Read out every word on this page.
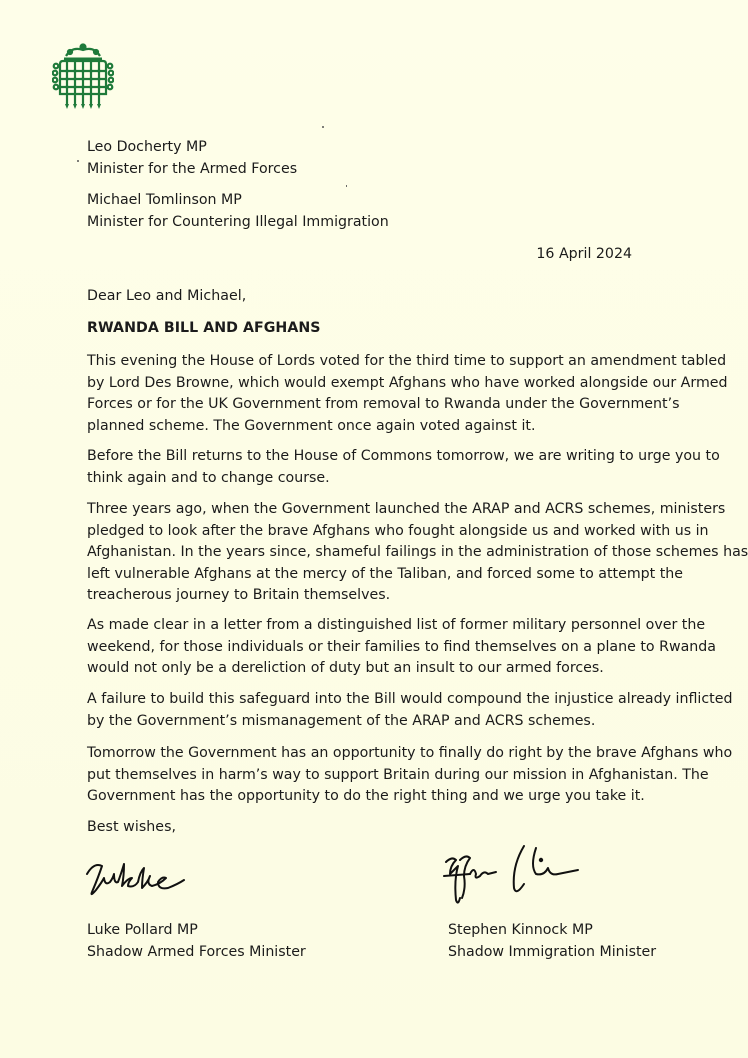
Leo Docherty MP
Minister for the Armed Forces
Michael Tomlinson MP
Minister for Countering Illegal Immigration
16 April 2024
Dear Leo and Michael,
RWANDA BILL AND AFGHANS
This evening the House of Lords voted for the third time to support an amendment tabled
by Lord Des Browne, which would exempt Afghans who have worked alongside our Armed
Forces or for the UK Government from removal to Rwanda under the Government’s
planned scheme. The Government once again voted against it.
Before the Bill returns to the House of Commons tomorrow, we are writing to urge you to
think again and to change course.
Three years ago, when the Government launched the ARAP and ACRS schemes, ministers
pledged to look after the brave Afghans who fought alongside us and worked with us in
Afghanistan. In the years since, shameful failings in the administration of those schemes has
left vulnerable Afghans at the mercy of the Taliban, and forced some to attempt the
treacherous journey to Britain themselves.
As made clear in a letter from a distinguished list of former military personnel over the
weekend, for those individuals or their families to find themselves on a plane to Rwanda
would not only be a dereliction of duty but an insult to our armed forces.
A failure to build this safeguard into the Bill would compound the injustice already inflicted
by the Government’s mismanagement of the ARAP and ACRS schemes.
Tomorrow the Government has an opportunity to finally do right by the brave Afghans who
put themselves in harm’s way to support Britain during our mission in Afghanistan. The
Government has the opportunity to do the right thing and we urge you take it.
Best wishes,
Luke Pollard MP
Shadow Armed Forces Minister
Stephen Kinnock MP
Shadow Immigration Minister
